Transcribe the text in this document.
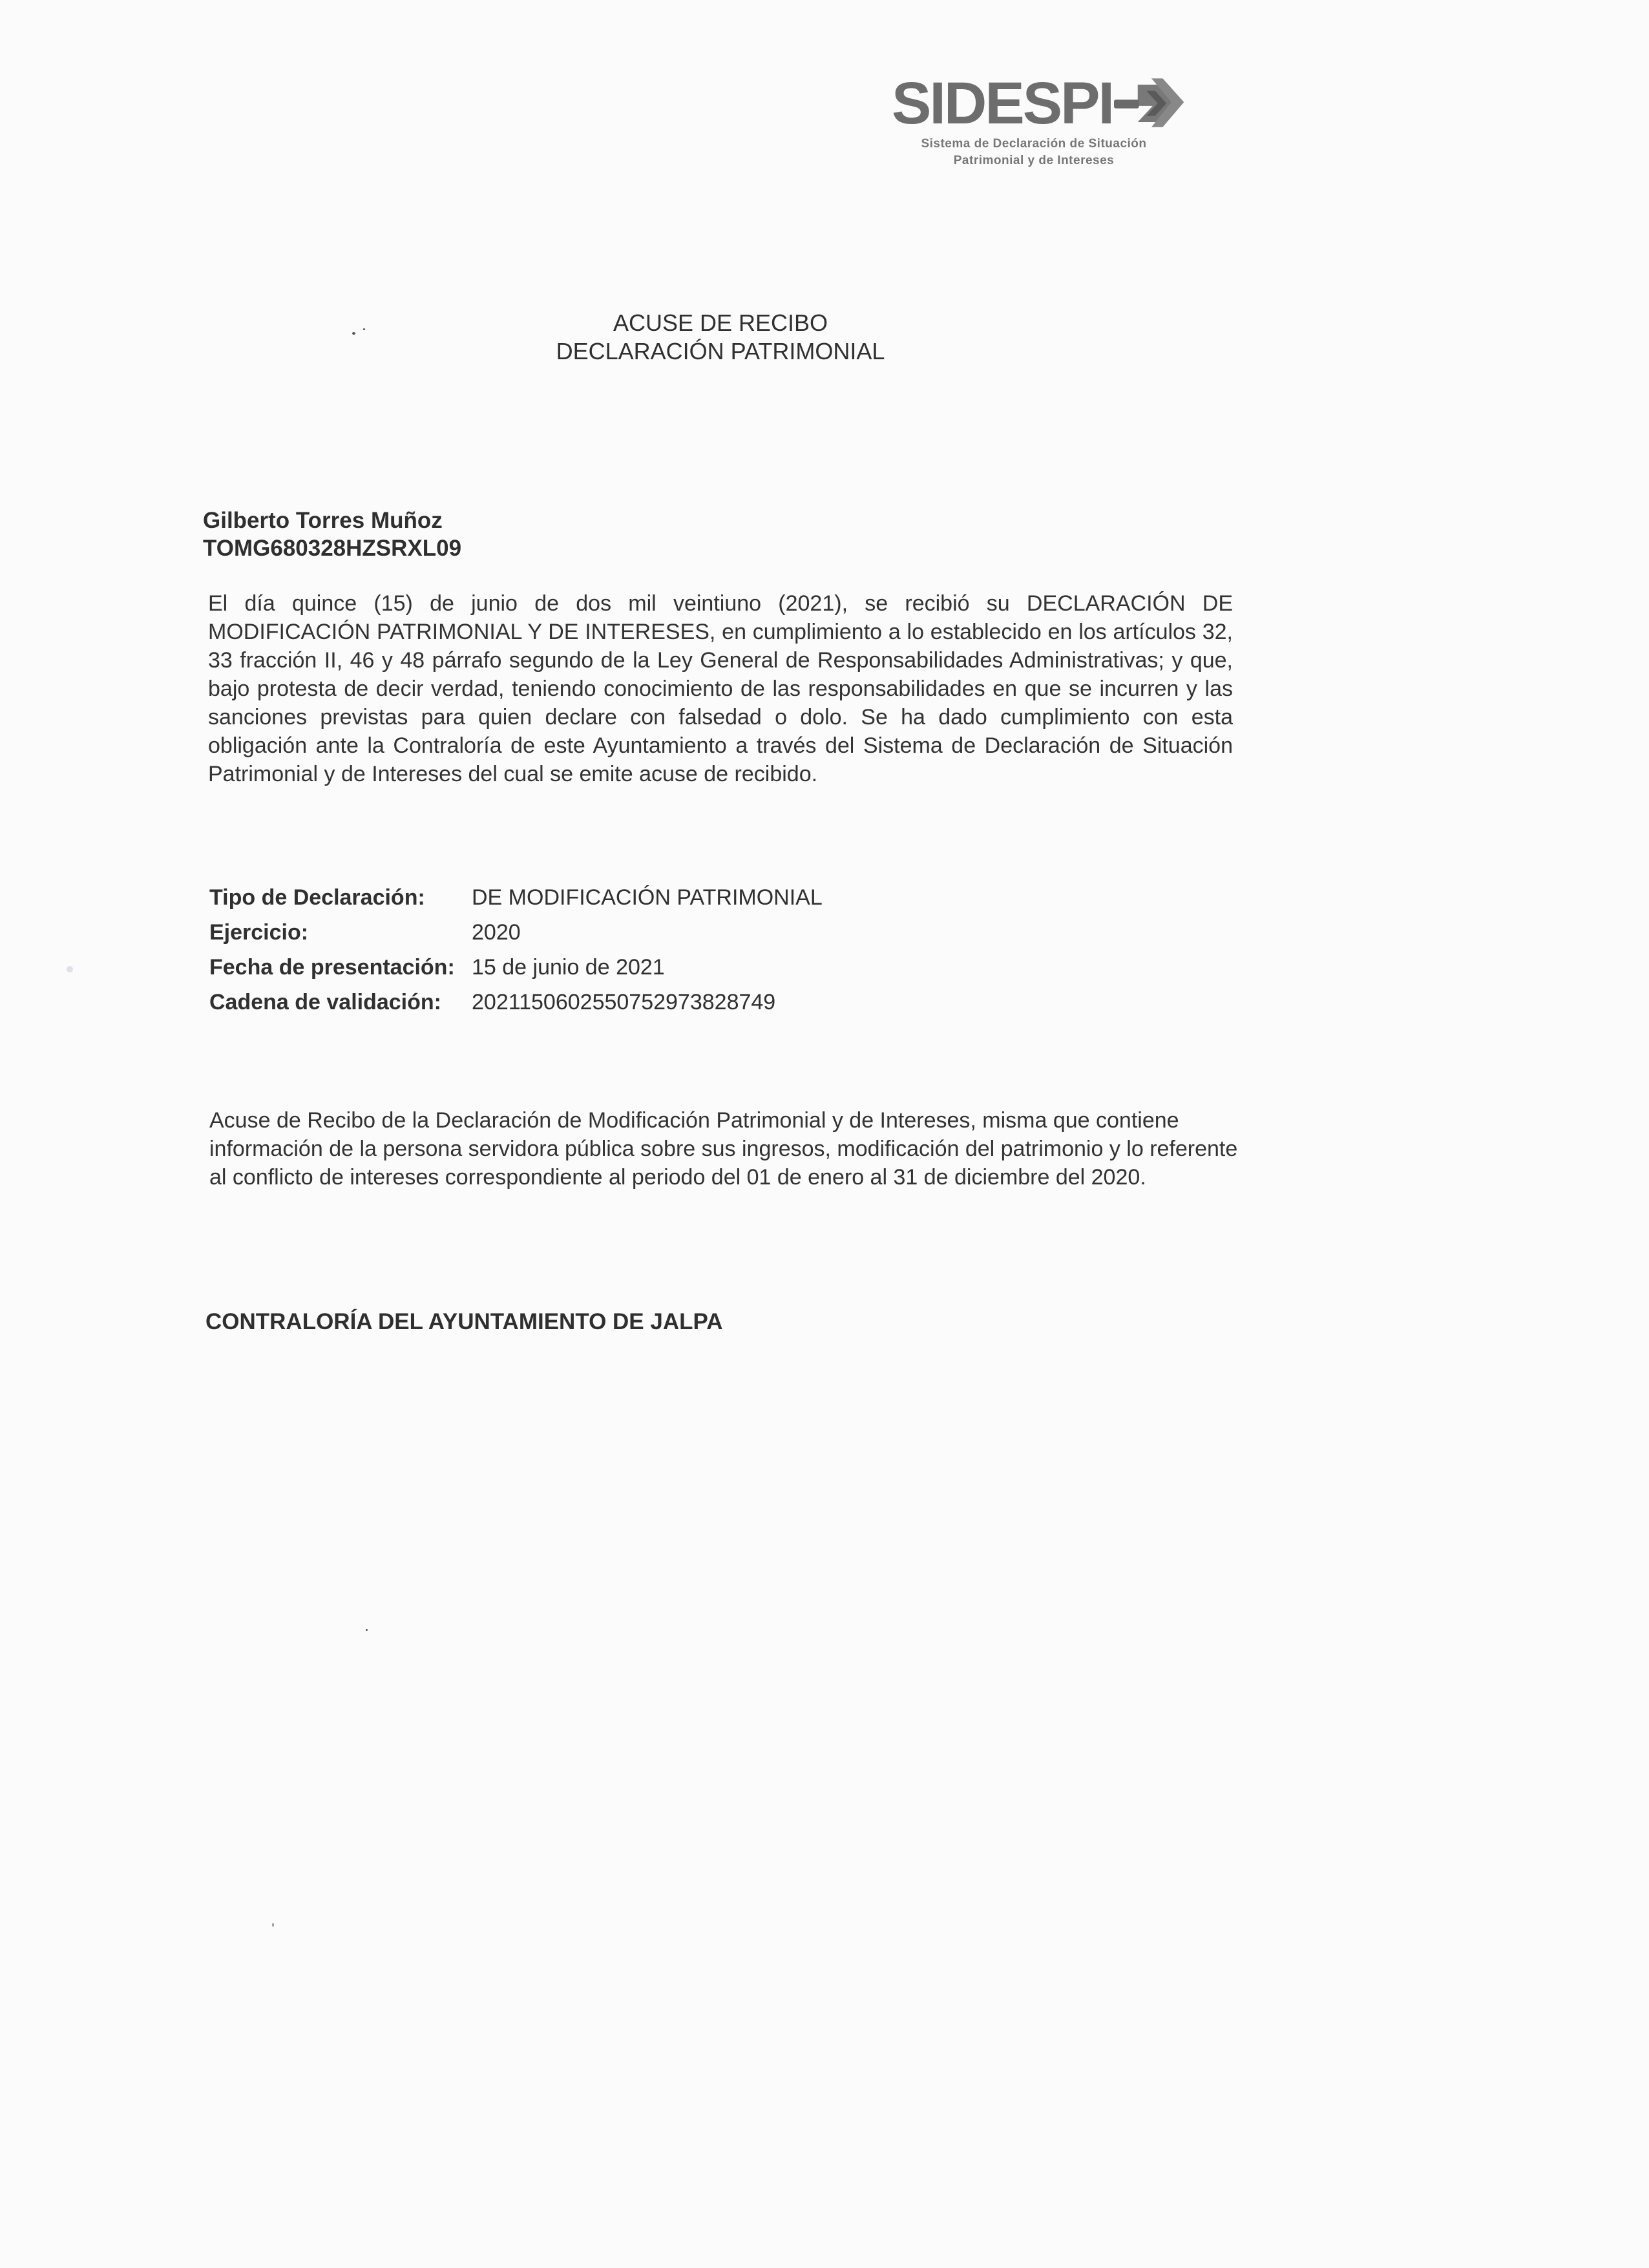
SIDESPI
Sistema de Declaración de Situación
Patrimonial y de Intereses
ACUSE DE RECIBO
DECLARACIÓN PATRIMONIAL
Gilberto Torres Muñoz
TOMG680328HZSRXL09
El día quince (15) de junio de dos mil veintiuno (2021), se recibió su DECLARACIÓN DE MODIFICACIÓN PATRIMONIAL Y DE INTERESES, en cumplimiento a lo establecido en los artículos 32, 33 fracción II, 46 y 48 párrafo segundo de la Ley General de Responsabilidades Administrativas; y que, bajo protesta de decir verdad, teniendo conocimiento de las responsabilidades en que se incurren y las sanciones previstas para quien declare con falsedad o dolo. Se ha dado cumplimiento con esta obligación ante la Contraloría de este Ayuntamiento a través del Sistema de Declaración de Situación Patrimonial y de Intereses del cual se emite acuse de recibido.
Tipo de Declaración:	DE MODIFICACIÓN PATRIMONIAL
Ejercicio:	2020
Fecha de presentación: 15 de junio de 2021
Cadena de validación:	2021150602550752973828749
Acuse de Recibo de la Declaración de Modificación Patrimonial y de Intereses, misma que contiene información de la persona servidora pública sobre sus ingresos, modificación del patrimonio y lo referente al conflicto de intereses correspondiente al periodo del 01 de enero al 31 de diciembre del 2020.
CONTRALORÍA DEL AYUNTAMIENTO DE JALPA
